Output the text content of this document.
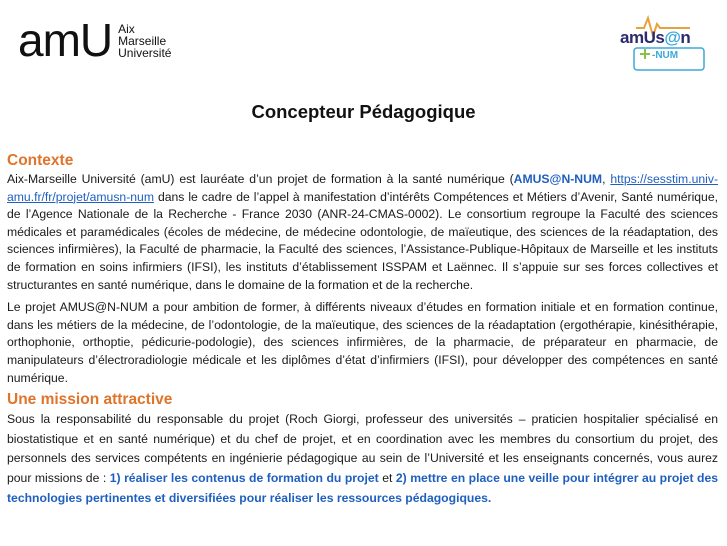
amU Aix
Marseille
Université
amUs@n
-NUM
Concepteur Pédagogique
Contexte

Aix-Marseille Université (amU) est lauréate d’un projet de formation à la santé numérique (AMUS@N-NUM, https://sesstim.univ-amu.fr/fr/projet/amusn-num dans le cadre de l’appel à manifestation d’intérêts Compétences et Métiers d’Avenir, Santé numérique, de l’Agence Nationale de la Recherche - France 2030 (ANR-24-CMAS-0002). Le consortium regroupe la Faculté des sciences médicales et paramédicales (écoles de médecine, de médecine odontologie, de maïeutique, des sciences de la réadaptation, des sciences infirmières), la Faculté de pharmacie, la Faculté des sciences, l’Assistance-Publique-Hôpitaux de Marseille et les instituts de formation en soins infirmiers (IFSI), les instituts d’établissement ISSPAM et Laënnec. Il s’appuie sur ses forces collectives et structurantes en santé numérique, dans le domaine de la formation et de la recherche.

Le projet AMUS@N-NUM a pour ambition de former, à différents niveaux d’études en formation initiale et en formation continue, dans les métiers de la médecine, de l’odontologie, de la maïeutique, des sciences de la réadaptation (ergothérapie, kinésithérapie, orthophonie, orthoptie, pédicurie-podologie), des sciences infirmières, de la pharmacie, de préparateur en pharmacie, de manipulateurs d’électroradiologie médicale et les diplômes d’état d’infirmiers (IFSI), pour développer des compétences en santé numérique.

Une mission attractive

Sous la responsabilité du responsable du projet (Roch Giorgi, professeur des universités – praticien hospitalier spécialisé en biostatistique et en santé numérique) et du chef de projet, et en coordination avec les membres du consortium du projet, des personnels des services compétents en ingénierie pédagogique au sein de l’Université et les enseignants concernés, vous aurez pour missions de : 1) réaliser les contenus de formation du projet et 2) mettre en place une veille pour intégrer au projet des technologies pertinentes et diversifiées pour réaliser les ressources pédagogiques.
